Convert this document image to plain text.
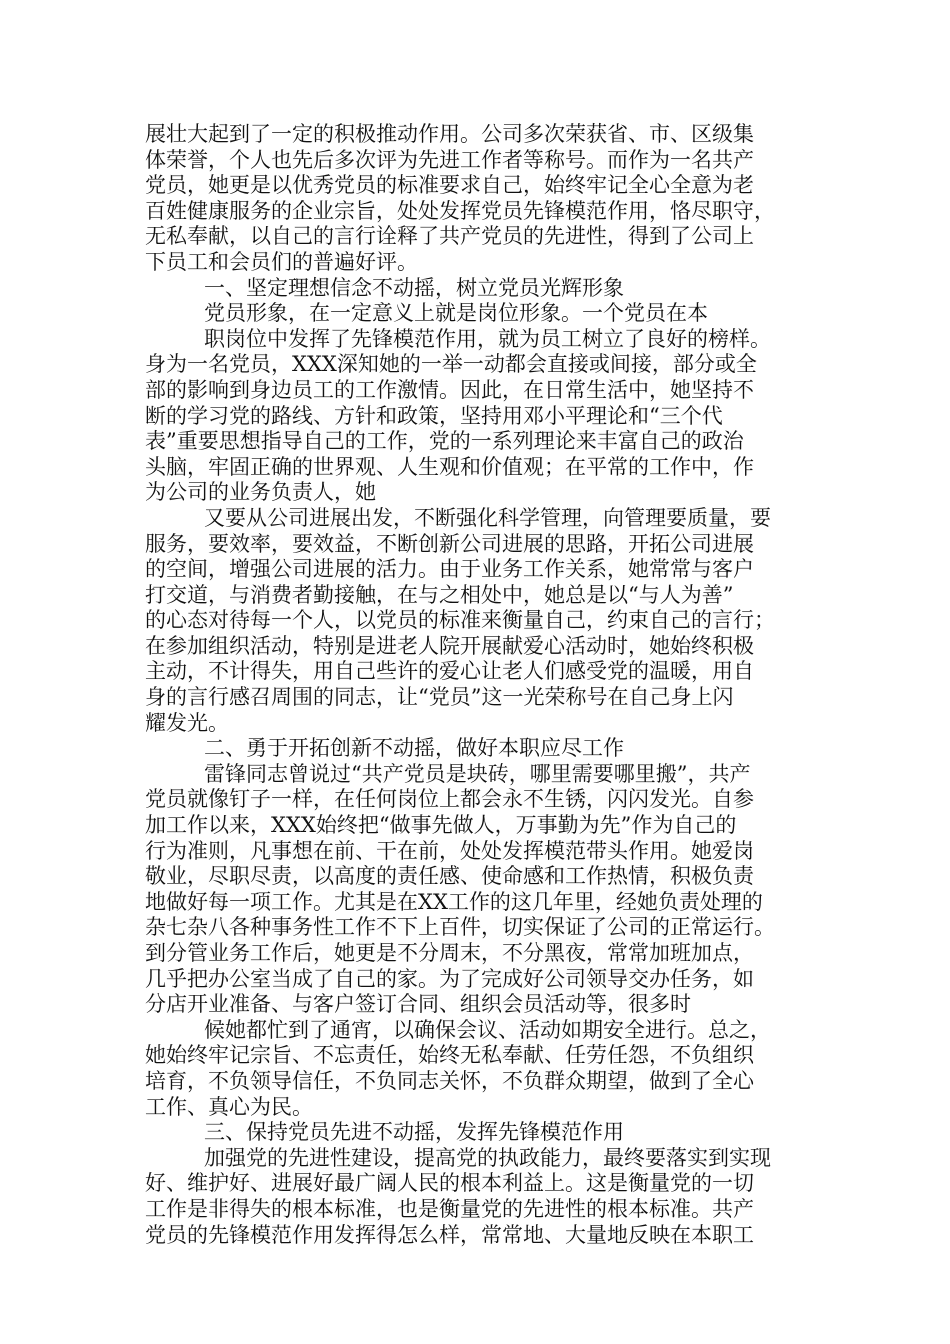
展壮大起到了一定的积极推动作用。公司多次荣获省、市、区级集
体荣誉，个人也先后多次评为先进工作者等称号。而作为一名共产
党员，她更是以优秀党员的标准要求自己，始终牢记全心全意为老
百姓健康服务的企业宗旨，处处发挥党员先锋模范作用，恪尽职守，
无私奉献，以自己的言行诠释了共产党员的先进性，得到了公司上
下员工和会员们的普遍好评。
一、坚定理想信念不动摇，树立党员光辉形象
党员形象，在一定意义上就是岗位形象。一个党员在本
职岗位中发挥了先锋模范作用，就为员工树立了良好的榜样。
身为一名党员，XXX深知她的一举一动都会直接或间接，部分或全
部的影响到身边员工的工作激情。因此，在日常生活中，她坚持不
断的学习党的路线、方针和政策，坚持用邓小平理论和“三个代
表”重要思想指导自己的工作，党的一系列理论来丰富自己的政治
头脑，牢固正确的世界观、人生观和价值观；在平常的工作中，作
为公司的业务负责人，她
又要从公司进展出发，不断强化科学管理，向管理要质量，要
服务，要效率，要效益，不断创新公司进展的思路，开拓公司进展
的空间，增强公司进展的活力。由于业务工作关系，她常常与客户
打交道，与消费者勤接触，在与之相处中，她总是以“与人为善”
的心态对待每一个人，以党员的标准来衡量自己，约束自己的言行；
在参加组织活动，特别是进老人院开展献爱心活动时，她始终积极
主动，不计得失，用自己些许的爱心让老人们感受党的温暖，用自
身的言行感召周围的同志，让“党员”这一光荣称号在自己身上闪
耀发光。
二、勇于开拓创新不动摇，做好本职应尽工作
雷锋同志曾说过“共产党员是块砖，哪里需要哪里搬”，共产
党员就像钉子一样，在任何岗位上都会永不生锈，闪闪发光。自参
加工作以来，XXX始终把“做事先做人，万事勤为先”作为自己的
行为准则，凡事想在前、干在前，处处发挥模范带头作用。她爱岗
敬业，尽职尽责，以高度的责任感、使命感和工作热情，积极负责
地做好每一项工作。尤其是在XX工作的这几年里，经她负责处理的
杂七杂八各种事务性工作不下上百件，切实保证了公司的正常运行。
到分管业务工作后，她更是不分周末，不分黑夜，常常加班加点，
几乎把办公室当成了自己的家。为了完成好公司领导交办任务，如
分店开业准备、与客户签订合同、组织会员活动等，很多时
候她都忙到了通宵，以确保会议、活动如期安全进行。总之，
她始终牢记宗旨、不忘责任，始终无私奉献、任劳任怨，不负组织
培育，不负领导信任，不负同志关怀，不负群众期望，做到了全心
工作、真心为民。
三、保持党员先进不动摇，发挥先锋模范作用
加强党的先进性建设，提高党的执政能力，最终要落实到实现
好、维护好、进展好最广阔人民的根本利益上。这是衡量党的一切
工作是非得失的根本标准，也是衡量党的先进性的根本标准。共产
党员的先锋模范作用发挥得怎么样，常常地、大量地反映在本职工
